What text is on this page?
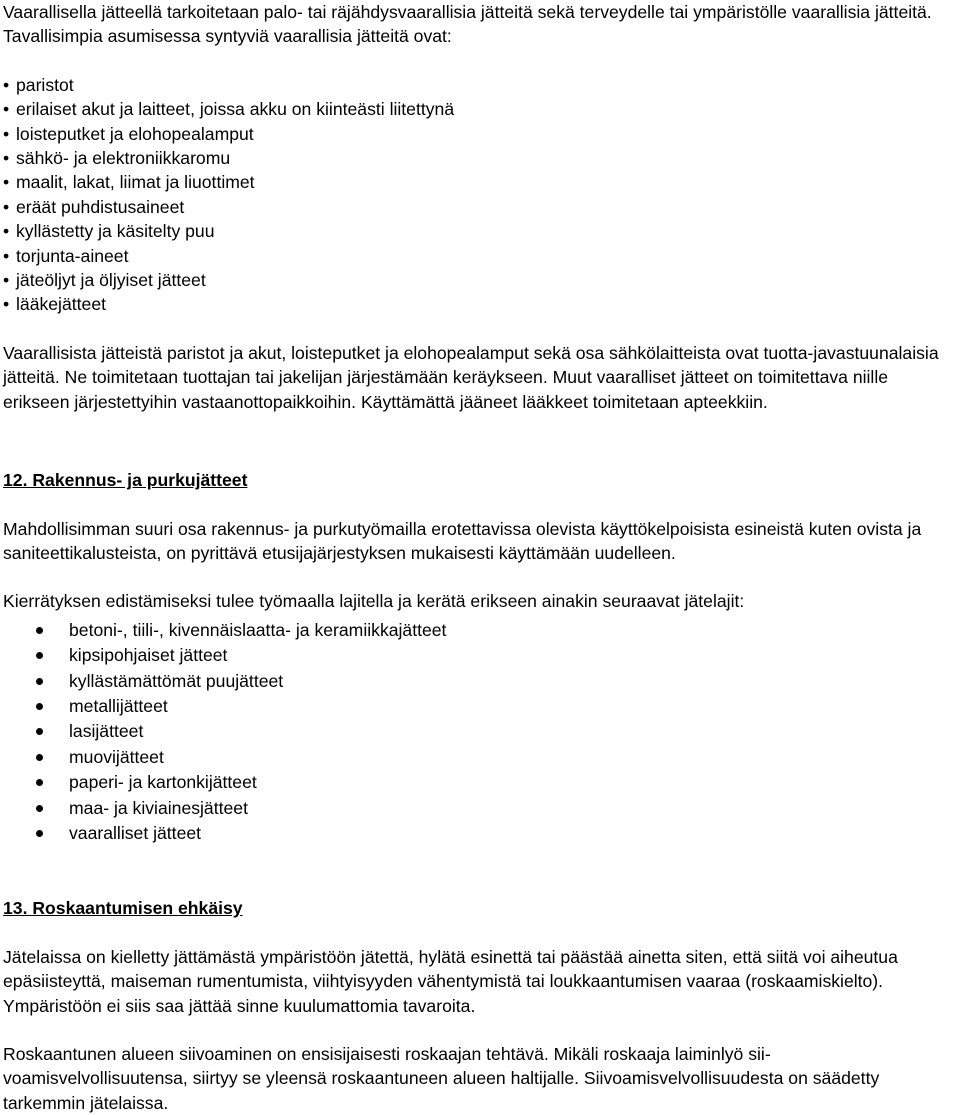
Vaarallisella jätteellä tarkoitetaan palo- tai räjähdysvaarallisia jätteitä sekä terveydelle tai ympäristölle vaarallisia jätteitä. Tavallisimpia asumisessa syntyviä vaarallisia jätteitä ovat:

• paristot
• erilaiset akut ja laitteet, joissa akku on kiinteästi liitettynä
• loisteputket ja elohopealamput
• sähkö- ja elektroniikkaromu
• maalit, lakat, liimat ja liuottimet
• eräät puhdistusaineet
• kyllästetty ja käsitelty puu
• torjunta-aineet
• jäteöljyt ja öljyiset jätteet
• lääkejätteet

Vaarallisista jätteistä paristot ja akut, loisteputket ja elohopealamput sekä osa sähkölaitteista ovat tuotta-javastuunalaisia jätteitä. Ne toimitetaan tuottajan tai jakelijan järjestämään keräykseen. Muut vaaralliset jätteet on toimitettava niille erikseen järjestettyihin vastaanottopaikkoihin. Käyttämättä jääneet lääkkeet toimitetaan apteekkiin.

12. Rakennus- ja purkujätteet

Mahdollisimman suuri osa rakennus- ja purkutyömailla erotettavissa olevista käyttökelpoisista esineistä kuten ovista ja saniteettikalusteista, on pyrittävä etusijajärjestyksen mukaisesti käyttämään uudelleen.

Kierrätyksen edistämiseksi tulee työmaalla lajitella ja kerätä erikseen ainakin seuraavat jätelajit:

betoni-, tiili-, kivennäislaatta- ja keramiikkajätteet
kipsipohjaiset jätteet
kyllästämättömät puujätteet
metallijätteet
lasijätteet
muovijätteet
paperi- ja kartonkijätteet
maa- ja kiviainesjätteet
vaaralliset jätteet
13. Roskaantumisen ehkäisy

Jätelaissa on kielletty jättämästä ympäristöön jätettä, hylätä esinettä tai päästää ainetta siten, että siitä voi aiheutua epäsiisteyttä, maiseman rumentumista, viihtyisyyden vähentymistä tai loukkaantumisen vaaraa (roskaamiskielto). Ympäristöön ei siis saa jättää sinne kuulumattomia tavaroita.

Roskaantunen alueen siivoaminen on ensisijaisesti roskaajan tehtävä. Mikäli roskaaja laiminlyö sii-voamisvelvollisuutensa, siirtyy se yleensä roskaantuneen alueen haltijalle. Siivoamisvelvollisuudesta on säädetty tarkemmin jätelaissa.
